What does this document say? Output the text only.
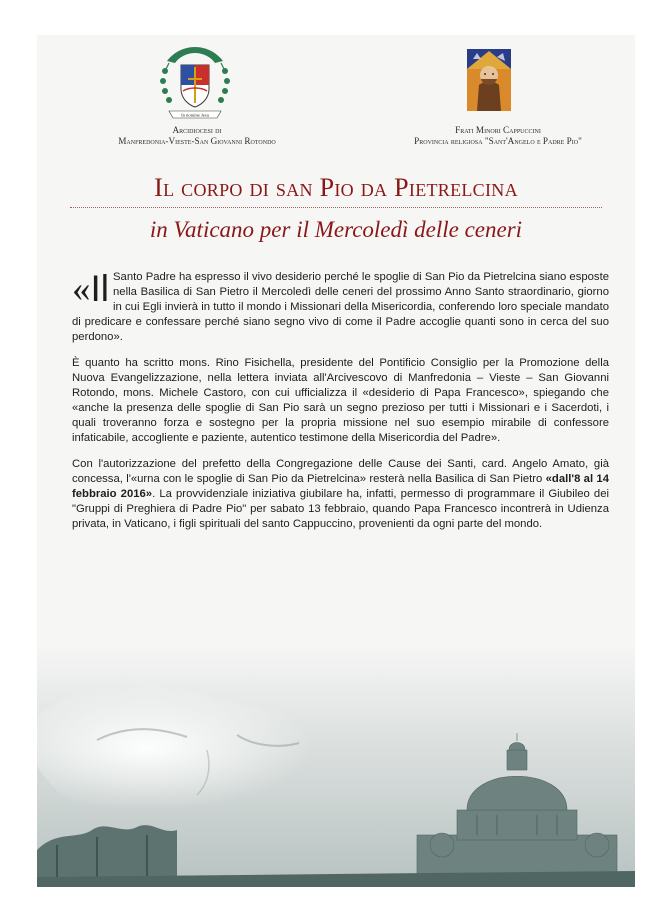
In nomine Jesu
Arcidiocesi di
Manfredonia-Vieste-San Giovanni Rotondo
Frati Minori Cappuccini
Provincia religiosa "Sant'Angelo e Padre Pio"
Il corpo di san Pio da Pietrelcina
in Vaticano per il Mercoledì delle ceneri

«Il Santo Padre ha espresso il vivo desiderio perché le spoglie di San Pio da Pietrelcina siano esposte nella Basilica di San Pietro il Mercoledì delle ceneri del prossimo Anno Santo straordinario, giorno in cui Egli invierà in tutto il mondo i Missionari della Misericordia, conferendo loro speciale mandato di predicare e confessare perché siano segno vivo di come il Padre accoglie quanti sono in cerca del suo perdono».

È quanto ha scritto mons. Rino Fisichella, presidente del Pontificio Consiglio per la Promozione della Nuova Evangelizzazione, nella lettera inviata all'Arcivescovo di Manfredonia – Vieste – San Giovanni Rotondo, mons. Michele Castoro, con cui ufficializza il «desiderio di Papa Francesco», spiegando che «anche la presenza delle spoglie di San Pio sarà un segno prezioso per tutti i Missionari e i Sacerdoti, i quali troveranno forza e sostegno per la propria missione nel suo esempio mirabile di confessore infaticabile, accogliente e paziente, autentico testimone della Misericordia del Padre».

Con l'autorizzazione del prefetto della Congregazione delle Cause dei Santi, card. Angelo Amato, già concessa, l'«urna con le spoglie di San Pio da Pietrelcina» resterà nella Basilica di San Pietro «dall'8 al 14 febbraio 2016». La provvidenziale iniziativa giubilare ha, infatti, permesso di programmare il Giubileo dei "Gruppi di Preghiera di Padre Pio" per sabato 13 febbraio, quando Papa Francesco incontrerà in Udienza privata, in Vaticano, i figli spirituali del santo Cappuccino, provenienti da ogni parte del mondo.
